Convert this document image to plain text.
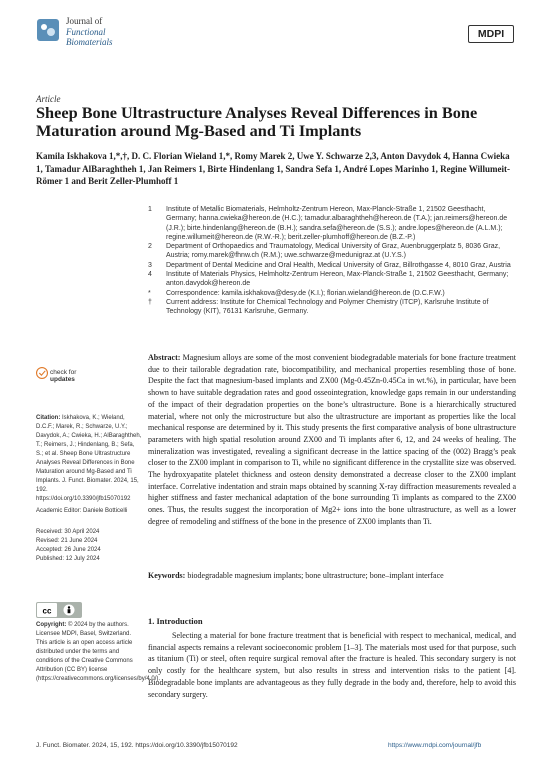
Journal of
Functional
Biomaterials
MDPI
Article
Sheep Bone Ultrastructure Analyses Reveal Differences in Bone Maturation around Mg-Based and Ti Implants
Kamila Iskhakova 1,*,†, D. C. Florian Wieland 1,*, Romy Marek 2, Uwe Y. Schwarze 2,3, Anton Davydok 4, Hanna Cwieka 1, Tamadur AlBaraghtheh 1, Jan Reimers 1, Birte Hindenlang 1, Sandra Sefa 1, André Lopes Marinho 1, Regine Willumeit-Römer 1 and Berit Zeller-Plumhoff 1
1 Institute of Metallic Biomaterials, Helmholtz-Zentrum Hereon, Max-Planck-Straße 1, 21502 Geesthacht, Germany; hanna.cwieka@hereon.de (H.C.); tamadur.albaraghtheh@hereon.de (T.A.); jan.reimers@hereon.de (J.R.); birte.hindenlang@hereon.de (B.H.); sandra.sefa@hereon.de (S.S.); andre.lopes@hereon.de (A.L.M.); regine.willumeit@hereon.de (R.W.-R.); berit.zeller-plumhoff@hereon.de (B.Z.-P.)
2 Department of Orthopaedics and Traumatology, Medical University of Graz, Auenbruggerplatz 5, 8036 Graz, Austria; romy.marek@fhnw.ch (R.M.); uwe.schwarze@medunigraz.at (U.Y.S.)
3 Department of Dental Medicine and Oral Health, Medical University of Graz, Billrothgasse 4, 8010 Graz, Austria
4 Institute of Materials Physics, Helmholtz-Zentrum Hereon, Max-Planck-Straße 1, 21502 Geesthacht, Germany; anton.davydok@hereon.de
* Correspondence: kamila.iskhakova@desy.de (K.I.); florian.wieland@hereon.de (D.C.F.W.)
† Current address: Institute for Chemical Technology and Polymer Chemistry (ITCP), Karlsruhe Institute of Technology (KIT), 76131 Karlsruhe, Germany.
Abstract: Magnesium alloys are some of the most convenient biodegradable materials for bone fracture treatment due to their tailorable degradation rate, biocompatibility, and mechanical properties resembling those of bone. Despite the fact that magnesium-based implants and ZX00 (Mg-0.45Zn-0.45Ca in wt.%), in particular, have been shown to have suitable degradation rates and good osseointegration, knowledge gaps remain in our understanding of the impact of their degradation properties on the bone’s ultrastructure. Bone is a hierarchically structured material, where not only the microstructure but also the ultrastructure are important as properties like the local mechanical response are determined by it. This study presents the first comparative analysis of bone ultrastructure parameters with high spatial resolution around ZX00 and Ti implants after 6, 12, and 24 weeks of healing. The mineralization was investigated, revealing a significant decrease in the lattice spacing of the (002) Bragg’s peak closer to the ZX00 implant in comparison to Ti, while no significant difference in the crystallite size was observed. The hydroxyapatite platelet thickness and osteon density demonstrated a decrease closer to the ZX00 implant interface. Correlative indentation and strain maps obtained by scanning X-ray diffraction measurements revealed a higher stiffness and faster mechanical adaptation of the bone surrounding Ti implants as compared to the ZX00 ones. Thus, the results suggest the incorporation of Mg2+ ions into the bone ultrastructure, as well as a lower degree of remodeling and stiffness of the bone in the presence of ZX00 implants than Ti.
Keywords: biodegradable magnesium implants; bone ultrastructure; bone–implant interface
check for
updates
Citation: Iskhakova, K.; Wieland, D.C.F.; Marek, R.; Schwarze, U.Y.; Davydok, A.; Cwieka, H.; AlBaraghtheh, T.; Reimers, J.; Hindenlang, B.; Sefa, S.; et al. Sheep Bone Ultrastructure Analyses Reveal Differences in Bone Maturation around Mg-Based and Ti Implants. J. Funct. Biomater. 2024, 15, 192. https://doi.org/10.3390/jfb15070192
Academic Editor: Daniele Botticelli
Received: 30 April 2024
Revised: 21 June 2024
Accepted: 26 June 2024
Published: 12 July 2024
cc
Copyright: © 2024 by the authors. Licensee MDPI, Basel, Switzerland. This article is an open access article distributed under the terms and conditions of the Creative Commons Attribution (CC BY) license (https://creativecommons.org/licenses/by/4.0/).
1. Introduction

Selecting a material for bone fracture treatment that is beneficial with respect to mechanical, medical, and financial aspects remains a relevant socioeconomic problem [1–3]. The materials most used for that purpose, such as titanium (Ti) or steel, often require surgical removal after the fracture is healed. This secondary surgery is not only costly for the healthcare system, but also results in stress and intervention risks to the patient [4]. Biodegradable bone implants are advantageous as they fully degrade in the body and, therefore, help to avoid this secondary surgery.

J. Funct. Biomater. 2024, 15, 192. https://doi.org/10.3390/jfb15070192	https://www.mdpi.com/journal/jfb
